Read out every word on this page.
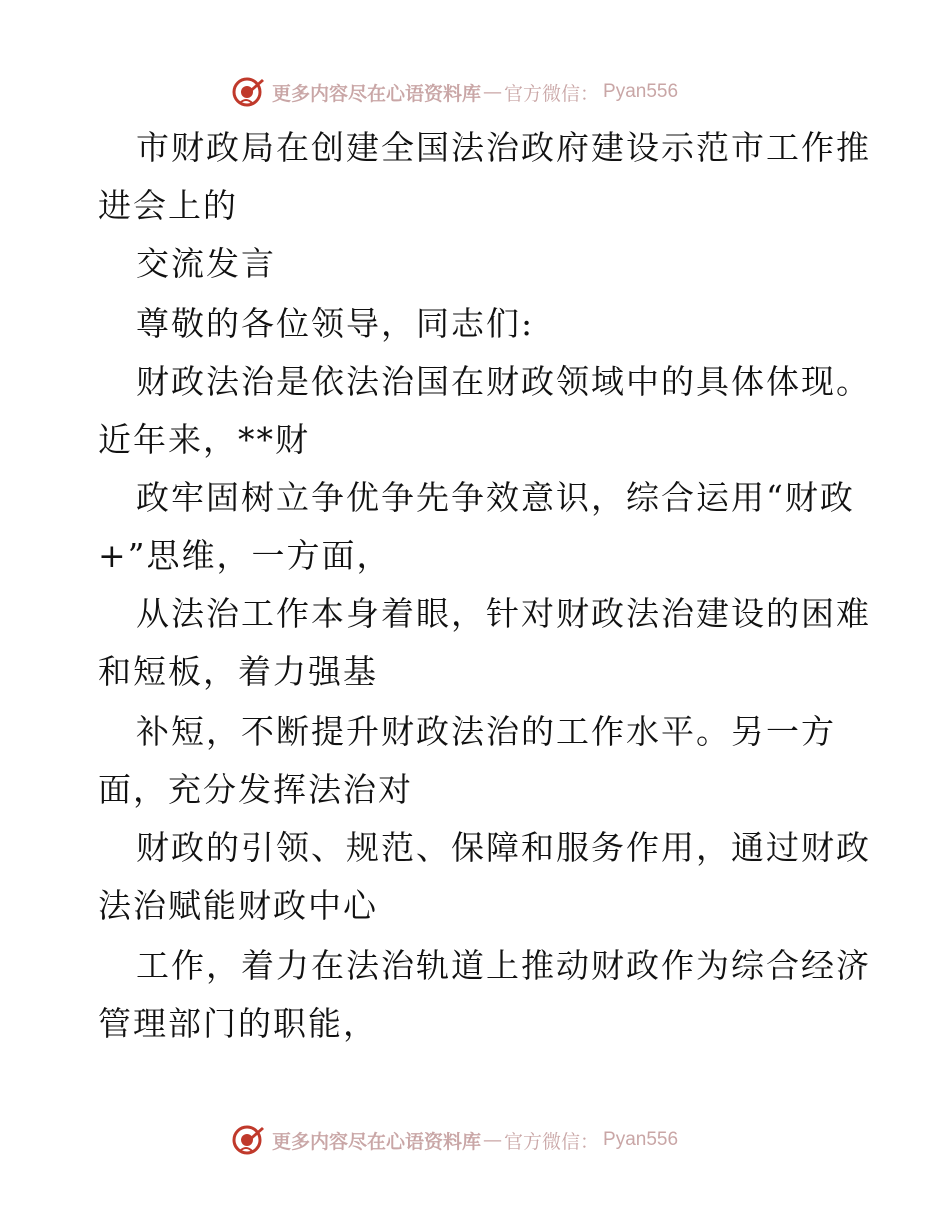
更多内容尽在心语资料库 — 官方微信： Pyan556
市财政局在创建全国法治政府建设示范市工作推
进会上的
交流发言
尊敬的各位领导，同志们:
财政法治是依法治国在财政领域中的具体体现。
近年来，**财
政牢固树立争优争先争效意识，综合运用“财政
+”思维，一方面，
从法治工作本身着眼，针对财政法治建设的困难
和短板，着力强基
补短，不断提升财政法治的工作水平。另一方
面，充分发挥法治对
财政的引领、规范、保障和服务作用，通过财政
法治赋能财政中心
工作，着力在法治轨道上推动财政作为综合经济
管理部门的职能，
更多内容尽在心语资料库 — 官方微信： Pyan556
